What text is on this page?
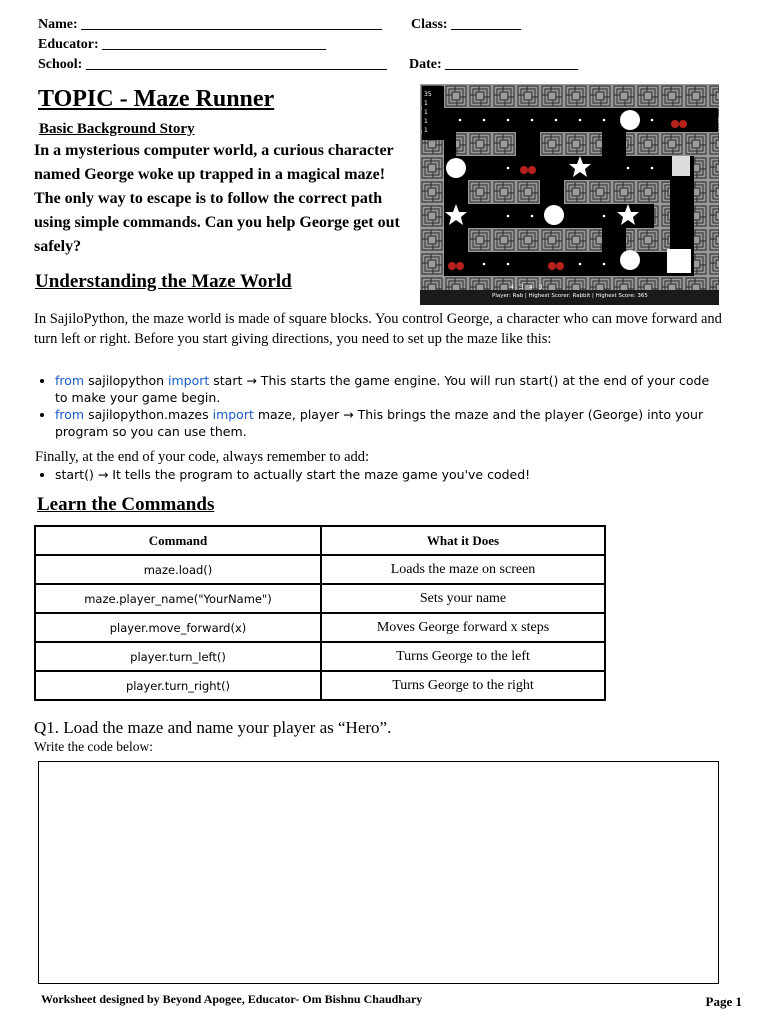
Name: ___________________________________________ Class: __________
Educator: ________________________________
School: ___________________________________________ Date: ___________________
TOPIC - Maze Runner
Basic Background Story
In a mysterious computer world, a curious character named George woke up trapped in a magical maze! The only way to escape is to follow the correct path using simple commands. Can you help George get out safely?
35
1
1
1
1
4 3 4 3
Player: Rab | Highest Scorer: Rabbit | Highest Score: 365
Understanding the Maze World
In SajiloPython, the maze world is made of square blocks. You control George, a character who can move forward and turn left or right. Before you start giving directions, you need to set up the maze like this:
• from sajilopython import start → This starts the game engine. You will run start() at the end of your code to make your game begin.
• from sajilopython.mazes import maze, player → This brings the maze and the player (George) into your program so you can use them.
Finally, at the end of your code, always remember to add:
• start() → It tells the program to actually start the maze game you've coded!
Learn the Commands
Command	What it Does
maze.load()	Loads the maze on screen
maze.player_name("YourName")	Sets your name
player.move_forward(x)	Moves George forward x steps
player.turn_left()	Turns George to the left
player.turn_right()	Turns George to the right
Q1. Load the maze and name your player as “Hero”.
Write the code below:
Worksheet designed by Beyond Apogee, Educator- Om Bishnu Chaudhary	Page 1
